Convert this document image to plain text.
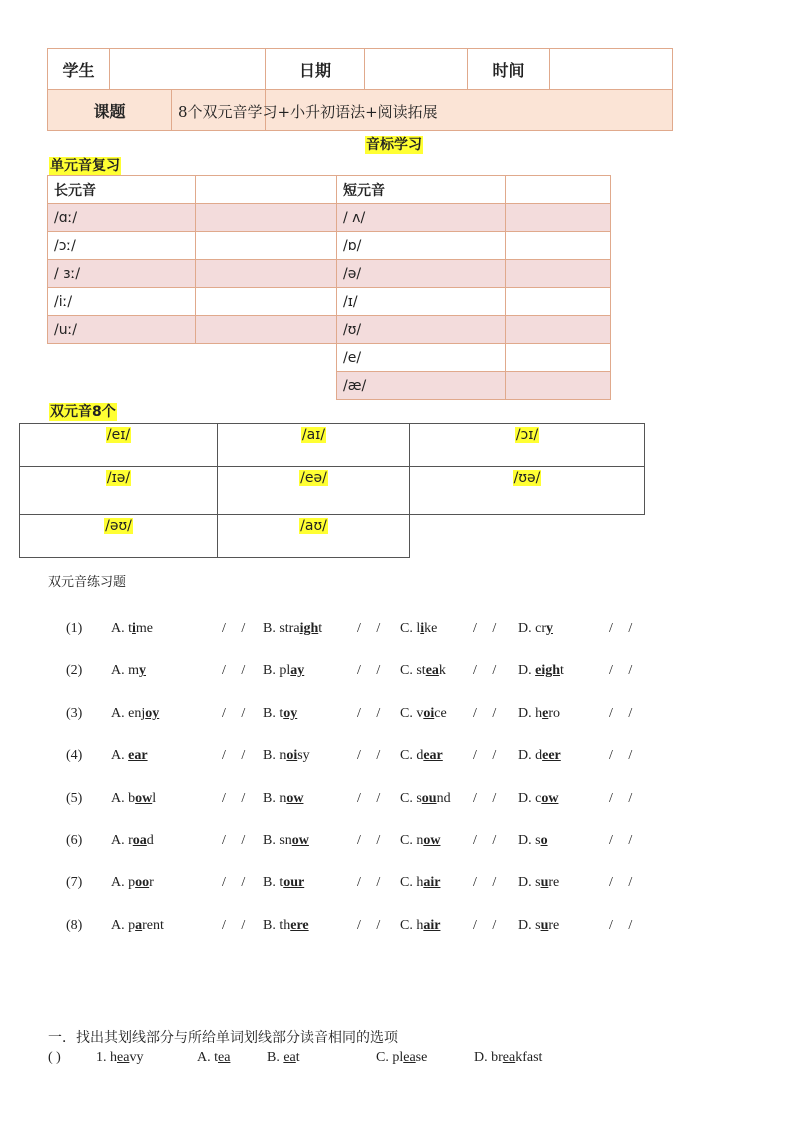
学生		日期		时间	

课题					
		8个双元音学习+小升初语法+阅读拓展
音标学习
单元音复习
长元音		短元音	
/ɑː/		/ ʌ/	
/ɔː/		/ɒ/	
/ ɜː/		/ə/	
/iː/		/ɪ/	
/uː/		/ʊ/	
		/e/	
		/æ/	
双元音8个
/eɪ/	/aɪ/	/ɔɪ/
/ɪə/	/eə/	/ʊə/
/əʊ/	/aʊ/	
双元音练习题
(1) A. time	/ / B. straight / / C. like	/ / D. cry	/ /
(2) A. my	/ / B. play	/ / C. steak / / D. eight	/ /
(3) A. enjoy	/ / B. toy	/ / C. voice / / D. hero	/ /
(4) A. ear	/ / B. noisy	/ / C. dear / / D. deer	/ /
(5) A. bowl	/ / B. now	/ / C. sound / / D. cow	/ /
(6) A. road	/ / B. snow	/ / C. now / / D. so	/ /
(7) A. poor	/ / B. tour	/ / C. hair / / D. sure	/ /
(8) A. parent	/ / B. there	/ / C. hair / / D. sure	/ /
一．找出其划线部分与所给单词划线部分读音相同的选项
( )	1. heavy	A. tea	B. eat	C. please	D. breakfast
